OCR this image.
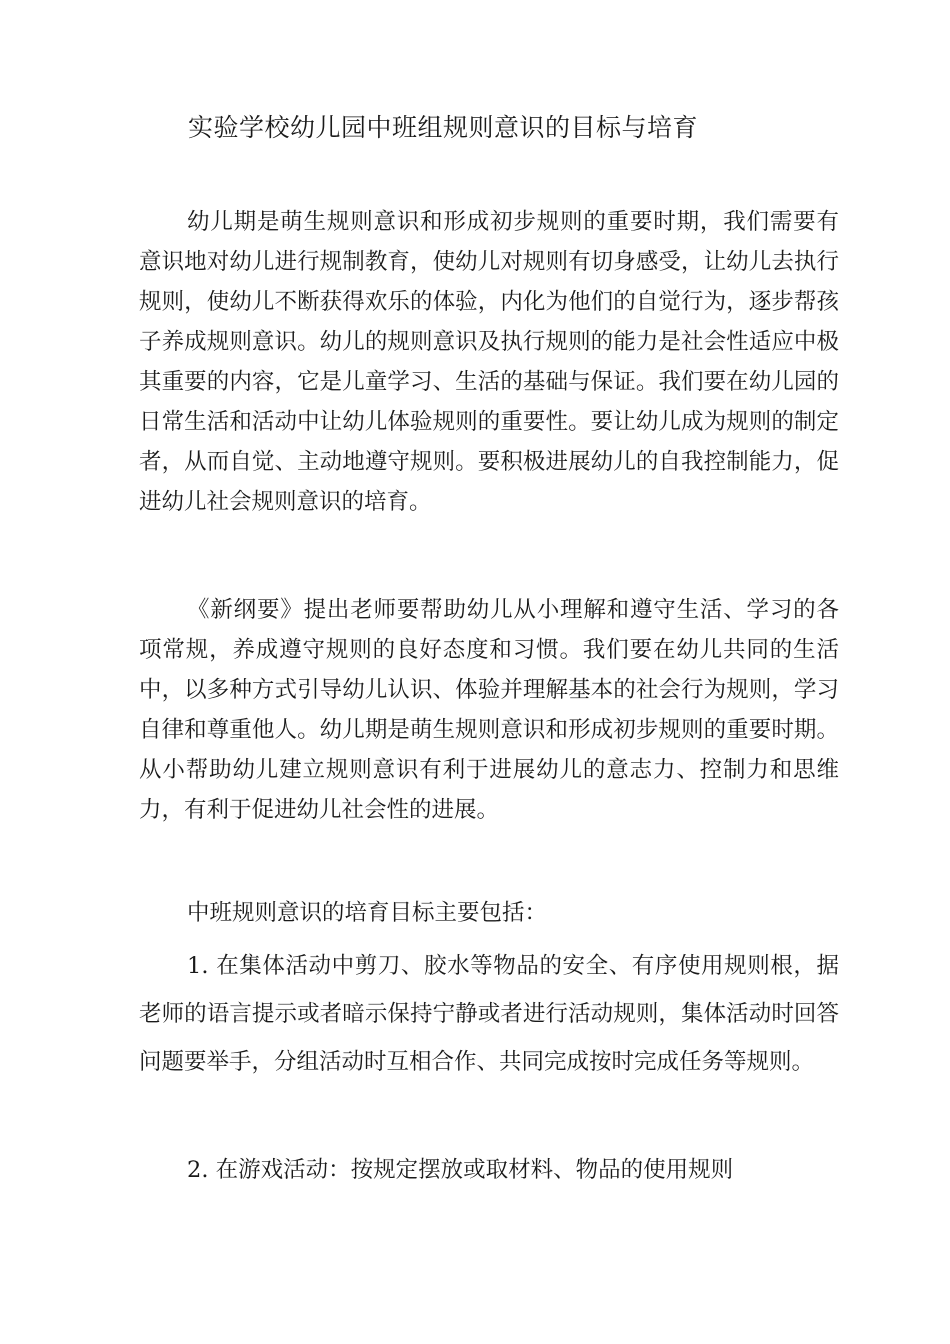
实验学校幼儿园中班组规则意识的目标与培育

幼儿期是萌生规则意识和形成初步规则的重要时期，我们需要有意识地对幼儿进行规制教育，使幼儿对规则有切身感受，让幼儿去执行规则，使幼儿不断获得欢乐的体验，内化为他们的自觉行为，逐步帮孩子养成规则意识。幼儿的规则意识及执行规则的能力是社会性适应中极其重要的内容，它是儿童学习、生活的基础与保证。我们要在幼儿园的日常生活和活动中让幼儿体验规则的重要性。要让幼儿成为规则的制定者，从而自觉、主动地遵守规则。要积极进展幼儿的自我控制能力，促进幼儿社会规则意识的培育。

《新纲要》提出老师要帮助幼儿从小理解和遵守生活、学习的各项常规，养成遵守规则的良好态度和习惯。我们要在幼儿共同的生活中，以多种方式引导幼儿认识、体验并理解基本的社会行为规则，学习自律和尊重他人。幼儿期是萌生规则意识和形成初步规则的重要时期。从小帮助幼儿建立规则意识有利于进展幼儿的意志力、控制力和思维力，有利于促进幼儿社会性的进展。

中班规则意识的培育目标主要包括：

1. 在集体活动中剪刀、胶水等物品的安全、有序使用规则根，据老师的语言提示或者暗示保持宁静或者进行活动规则，集体活动时回答问题要举手，分组活动时互相合作、共同完成按时完成任务等规则。

2. 在游戏活动：按规定摆放或取材料、物品的使用规则
